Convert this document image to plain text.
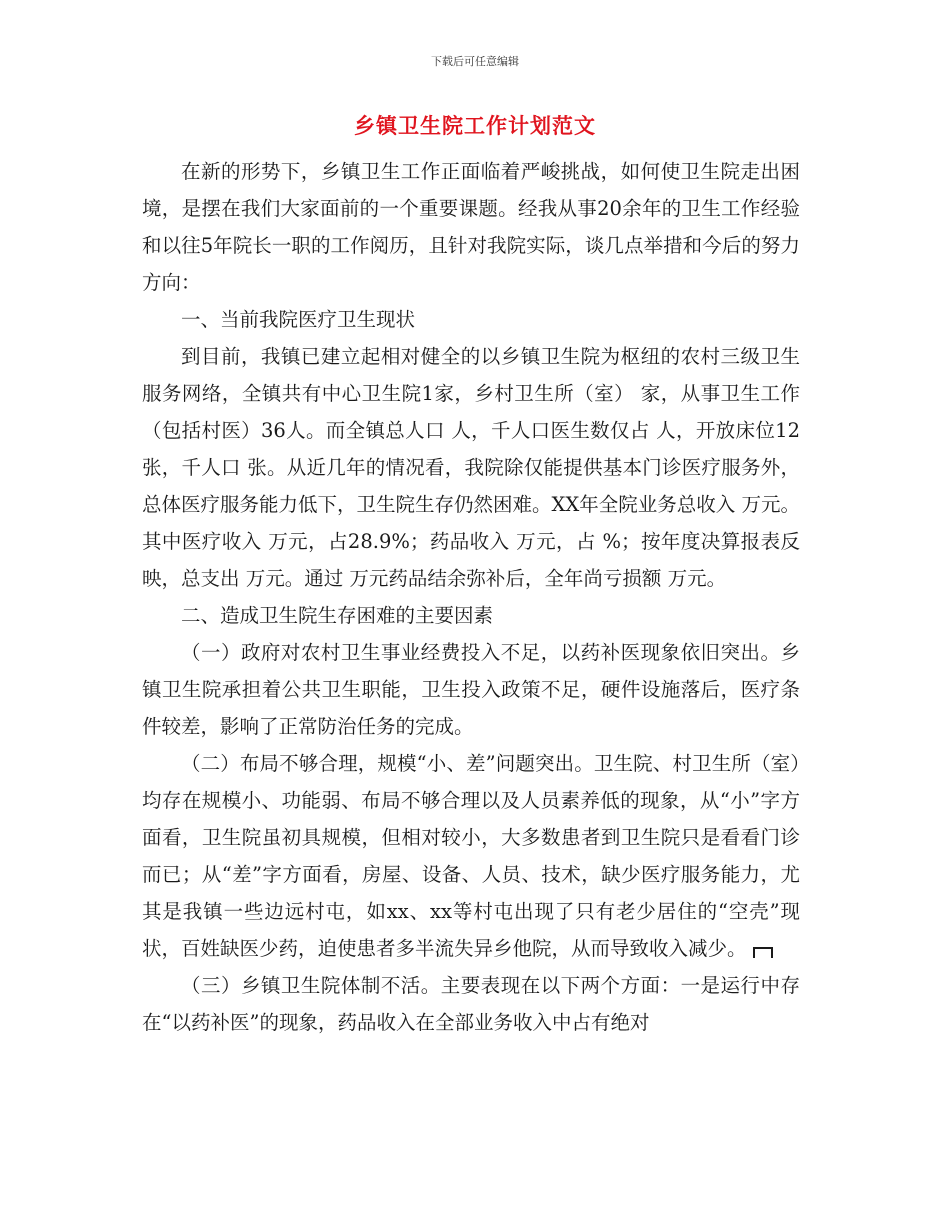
下载后可任意编辑
乡镇卫生院工作计划范文

在新的形势下，乡镇卫生工作正面临着严峻挑战，如何使卫生院走出困境，是摆在我们大家面前的一个重要课题。经我从事20余年的卫生工作经验和以往5年院长一职的工作阅历，且针对我院实际，谈几点举措和今后的努力方向：

一、当前我院医疗卫生现状

到目前，我镇已建立起相对健全的以乡镇卫生院为枢纽的农村三级卫生服务网络，全镇共有中心卫生院1家，乡村卫生所（室） 家，从事卫生工作（包括村医）36人。而全镇总人口 人，千人口医生数仅占 人，开放床位12张，千人口 张。从近几年的情况看，我院除仅能提供基本门诊医疗服务外，总体医疗服务能力低下，卫生院生存仍然困难。XX年全院业务总收入 万元。其中医疗收入 万元，占28.9%；药品收入 万元，占 %；按年度决算报表反映，总支出 万元。通过 万元药品结余弥补后，全年尚亏损额 万元。

二、造成卫生院生存困难的主要因素

（一）政府对农村卫生事业经费投入不足，以药补医现象依旧突出。乡镇卫生院承担着公共卫生职能，卫生投入政策不足，硬件设施落后，医疗条件较差，影响了正常防治任务的完成。

（二）布局不够合理，规模“小、差”问题突出。卫生院、村卫生所（室）均存在规模小、功能弱、布局不够合理以及人员素养低的现象，从“小”字方面看，卫生院虽初具规模，但相对较小，大多数患者到卫生院只是看看门诊而已；从“差”字方面看，房屋、设备、人员、技术，缺少医疗服务能力，尤其是我镇一些边远村屯，如xx、xx等村屯出现了只有老少居住的“空壳”现状，百姓缺医少药，迫使患者多半流失异乡他院，从而导致收入减少。

（三）乡镇卫生院体制不活。主要表现在以下两个方面：一是运行中存在“以药补医”的现象，药品收入在全部业务收入中占有绝对
